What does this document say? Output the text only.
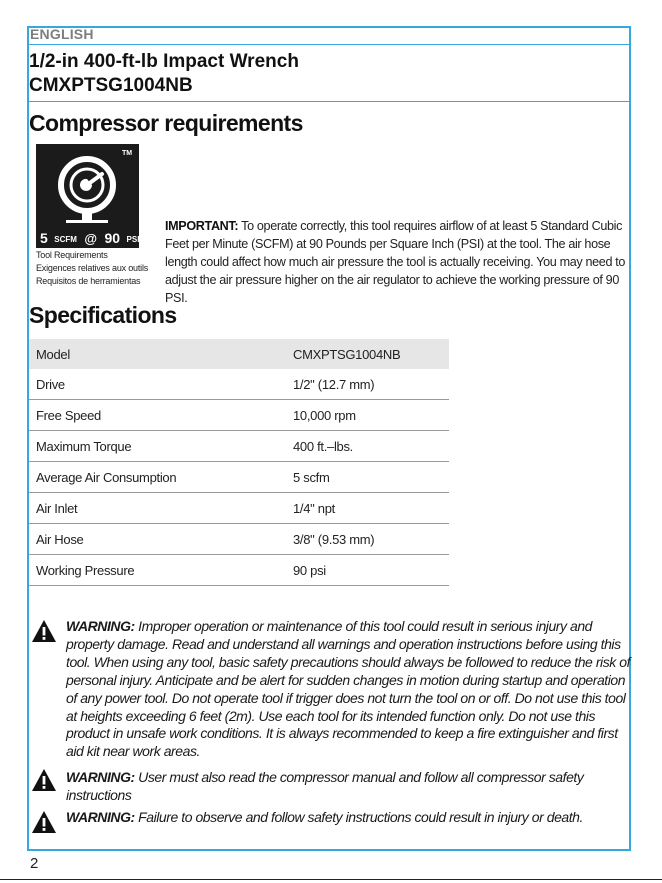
ENGLISH
1/2-in 400-ft-lb Impact Wrench
CMXPTSG1004NB
Compressor requirements
TM
5 SCFM @ 90 PSI
Tool Requirements
Exigences relatives aux outils
Requisitos de herramientas
IMPORTANT: To operate correctly, this tool requires airflow of at least 5 Standard Cubic Feet per Minute (SCFM) at 90 Pounds per Square Inch (PSI) at the tool. The air hose length could affect how much air pressure the tool is actually receiving. You may need to adjust the air pressure higher on the air regulator to achieve the working pressure of 90 PSI.
Specifications
Model	CMXPTSG1004NB
Drive	1/2" (12.7 mm)
Free Speed	10,000 rpm
Maximum Torque	400 ft.–lbs.
Average Air Consumption	5 scfm
Air Inlet	1/4" npt
Air Hose	3/8" (9.53 mm)
Working Pressure	90 psi
WARNING: Improper operation or maintenance of this tool could result in serious injury and property damage. Read and understand all warnings and operation instructions before using this tool. When using any tool, basic safety precautions should always be followed to reduce the risk of personal injury. Anticipate and be alert for sudden changes in motion during startup and operation of any power tool. Do not operate tool if trigger does not turn the tool on or off. Do not use this tool at heights exceeding 6 feet (2m). Use each tool for its intended function only. Do not use this product in unsafe work conditions. It is always recommended to keep a fire extinguisher and first aid kit near work areas.
WARNING: User must also read the compressor manual and follow all compressor safety instructions
WARNING: Failure to observe and follow safety instructions could result in injury or death.
2
